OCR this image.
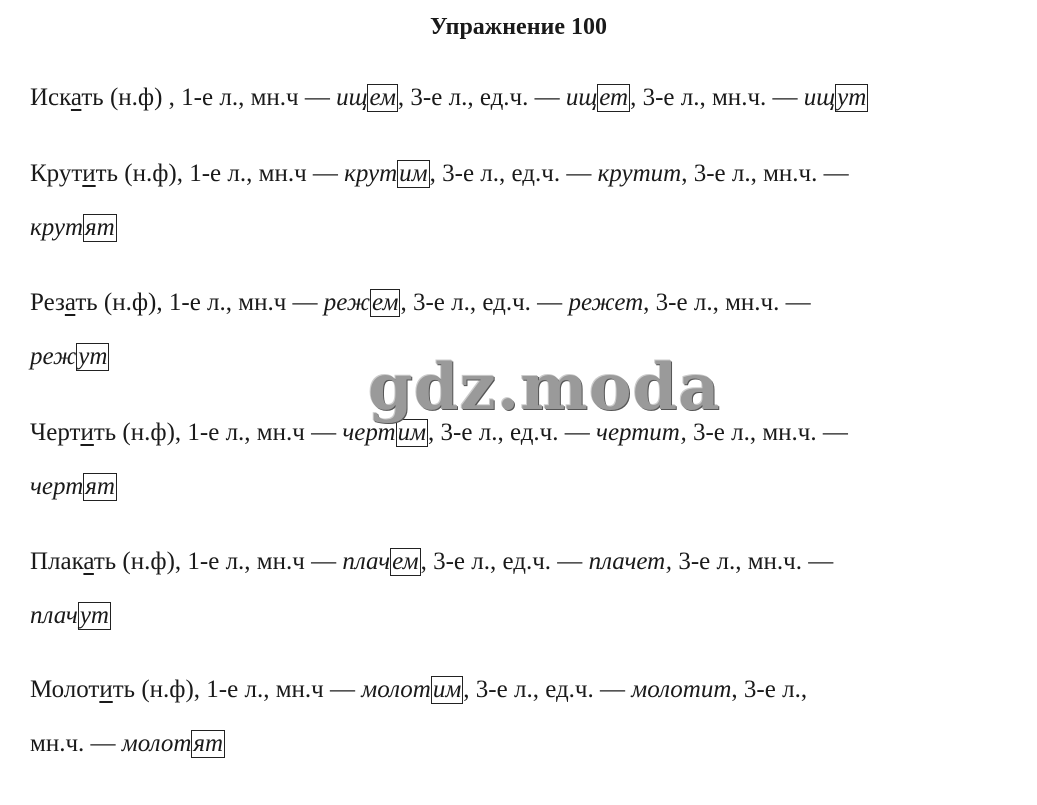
Упражнение 100
Искать (н.ф) , 1-е л., мн.ч — ищем, 3-е л., ед.ч. — ищет, 3-е л., мн.ч. — ищут
Крутить (н.ф), 1-е л., мн.ч — крутим, 3-е л., ед.ч. — крутит, 3-е л., мн.ч. —
крутят
Резать (н.ф), 1-е л., мн.ч — режем, 3-е л., ед.ч. — режет, 3-е л., мн.ч. —
режут
Чертить (н.ф), 1-е л., мн.ч — чертим, 3-е л., ед.ч. — чертит, 3-е л., мн.ч. —
чертят
Плакать (н.ф), 1-е л., мн.ч — плачем, 3-е л., ед.ч. — плачет, 3-е л., мн.ч. —
плачут
Молотить (н.ф), 1-е л., мн.ч — молотим, 3-е л., ед.ч. — молотит, 3-е л.,
мн.ч. — молотят
gdz.moda
